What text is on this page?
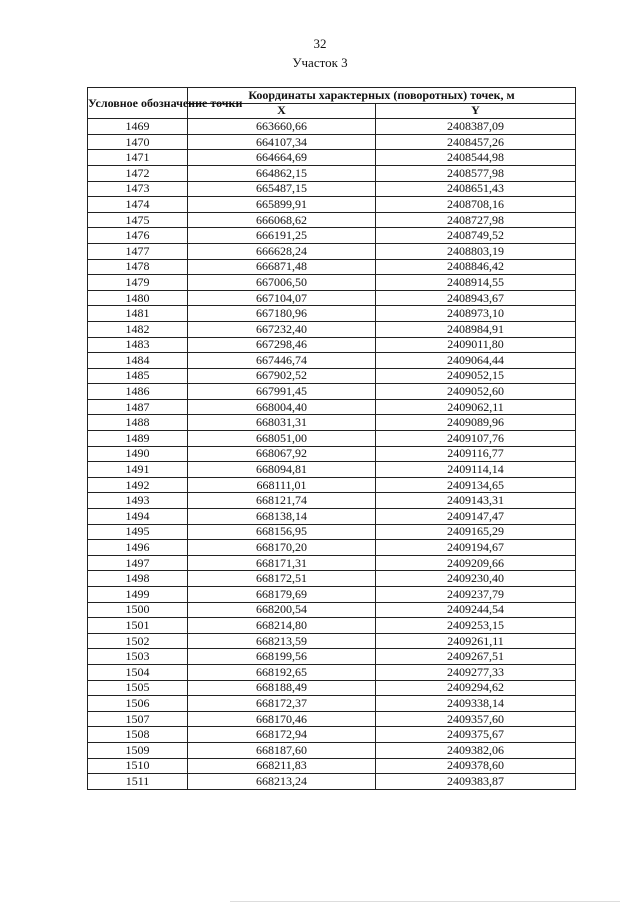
32
Участок 3
Условное обозначение точки	Координаты характерных (поворотных) точек, м	
	X	Y
1469	663660,66	2408387,09
1470	664107,34	2408457,26
1471	664664,69	2408544,98
1472	664862,15	2408577,98
1473	665487,15	2408651,43
1474	665899,91	2408708,16
1475	666068,62	2408727,98
1476	666191,25	2408749,52
1477	666628,24	2408803,19
1478	666871,48	2408846,42
1479	667006,50	2408914,55
1480	667104,07	2408943,67
1481	667180,96	2408973,10
1482	667232,40	2408984,91
1483	667298,46	2409011,80
1484	667446,74	2409064,44
1485	667902,52	2409052,15
1486	667991,45	2409052,60
1487	668004,40	2409062,11
1488	668031,31	2409089,96
1489	668051,00	2409107,76
1490	668067,92	2409116,77
1491	668094,81	2409114,14
1492	668111,01	2409134,65
1493	668121,74	2409143,31
1494	668138,14	2409147,47
1495	668156,95	2409165,29
1496	668170,20	2409194,67
1497	668171,31	2409209,66
1498	668172,51	2409230,40
1499	668179,69	2409237,79
1500	668200,54	2409244,54
1501	668214,80	2409253,15
1502	668213,59	2409261,11
1503	668199,56	2409267,51
1504	668192,65	2409277,33
1505	668188,49	2409294,62
1506	668172,37	2409338,14
1507	668170,46	2409357,60
1508	668172,94	2409375,67
1509	668187,60	2409382,06
1510	668211,83	2409378,60
1511	668213,24	2409383,87
